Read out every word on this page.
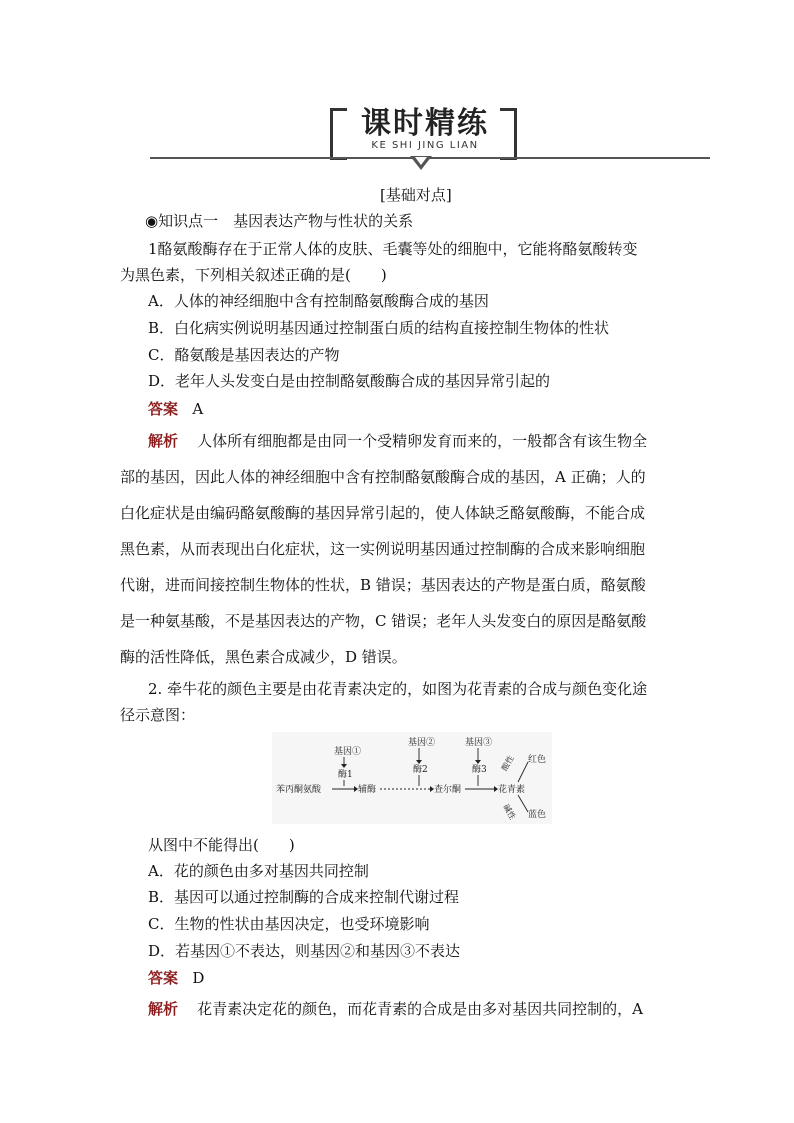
课时精练
KE SHI JING LIAN
[基础对点]
◉知识点一　基因表达产物与性状的关系
1酪氨酸酶存在于正常人体的皮肤、毛囊等处的细胞中，它能将酪氨酸转变
为黑色素，下列相关叙述正确的是(　　)
A．人体的神经细胞中含有控制酪氨酸酶合成的基因
B．白化病实例说明基因通过控制蛋白质的结构直接控制生物体的性状
C．酪氨酸是基因表达的产物
D．老年人头发变白是由控制酪氨酸酶合成的基因异常引起的
答案 A
解析 人体所有细胞都是由同一个受精卵发育而来的，一般都含有该生物全
部的基因，因此人体的神经细胞中含有控制酪氨酸酶合成的基因，A 正确；人的
白化症状是由编码酪氨酸酶的基因异常引起的，使人体缺乏酪氨酸酶，不能合成
黑色素，从而表现出白化症状，这一实例说明基因通过控制酶的合成来影响细胞
代谢，进而间接控制生物体的性状，B 错误；基因表达的产物是蛋白质，酪氨酸
是一种氨基酸，不是基因表达的产物，C 错误；老年人头发变白的原因是酪氨酸
酶的活性降低，黑色素合成减少，D 错误。
2. 牵牛花的颜色主要是由花青素决定的，如图为花青素的合成与颜色变化途
径示意图：
基因①
基因②	基因③
酶1	酶2	酶3
苯丙酮氨酸	辅酶	查尔酮	花青素
红色
蓝色
酸性
碱性
从图中不能得出(　　)
A．花的颜色由多对基因共同控制
B．基因可以通过控制酶的合成来控制代谢过程
C．生物的性状由基因决定，也受环境影响
D．若基因①不表达，则基因②和基因③不表达
答案 D
解析 花青素决定花的颜色，而花青素的合成是由多对基因共同控制的，A
